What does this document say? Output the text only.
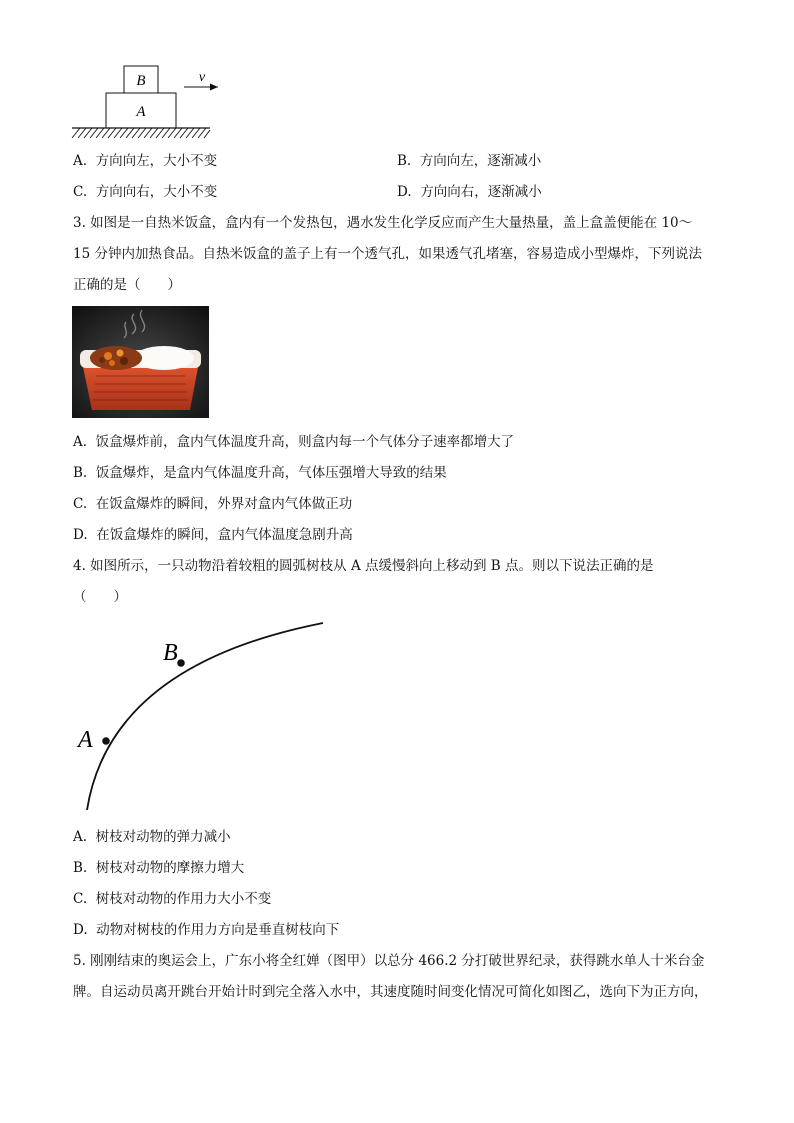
B
A
v
A. 方向向左，大小不变	B. 方向向左，逐渐减小
C. 方向向右，大小不变	D. 方向向右，逐渐减小
3. 如图是一自热米饭盒，盒内有一个发热包，遇水发生化学反应而产生大量热量，盖上盒盖便能在 10～
15 分钟内加热食品。自热米饭盒的盖子上有一个透气孔，如果透气孔堵塞，容易造成小型爆炸，下列说法
正确的是（　　）
A. 饭盒爆炸前，盒内气体温度升高，则盒内每一个气体分子速率都增大了
B. 饭盒爆炸，是盒内气体温度升高，气体压强增大导致的结果
C. 在饭盒爆炸的瞬间，外界对盒内气体做正功
D. 在饭盒爆炸的瞬间，盒内气体温度急剧升高
4. 如图所示，一只动物沿着较粗的圆弧树枝从 A 点缓慢斜向上移动到 B 点。则以下说法正确的是
（　　）
B
A
A. 树枝对动物的弹力减小
B. 树枝对动物的摩擦力增大
C. 树枝对动物的作用力大小不变
D. 动物对树枝的作用力方向是垂直树枝向下
5. 刚刚结束的奥运会上，广东小将全红婵（图甲）以总分 466.2 分打破世界纪录，获得跳水单人十米台金
牌。自运动员离开跳台开始计时到完全落入水中，其速度随时间变化情况可简化如图乙，选向下为正方向，
